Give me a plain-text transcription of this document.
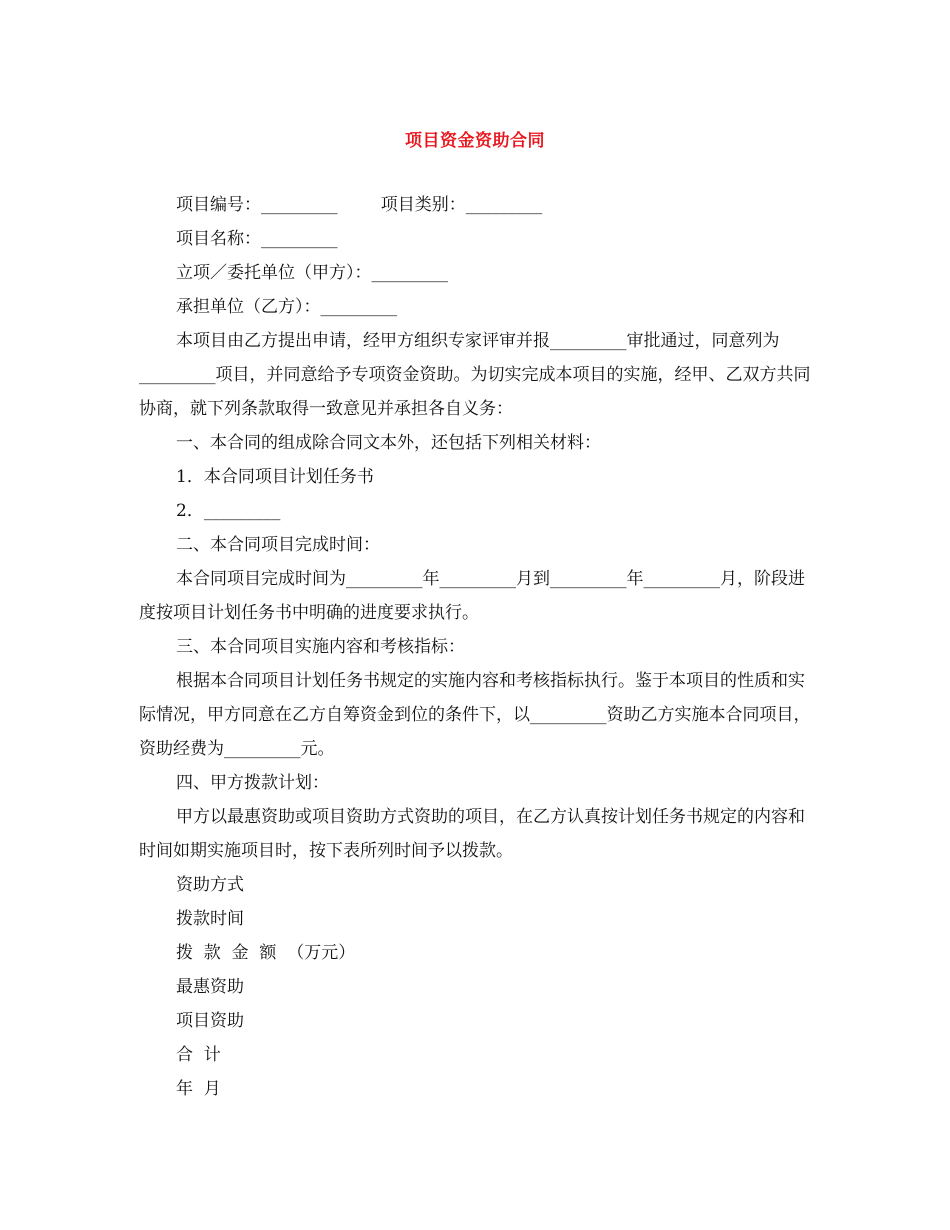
项目资金资助合同

项目编号：_________        项目类别：_________

项目名称：_________

立项／委托单位（甲方）：_________

承担单位（乙方）：_________

本项目由乙方提出申请，经甲方组织专家评审并报_________审批通过，同意列为_________项目，并同意给予专项资金资助。为切实完成本项目的实施，经甲、乙双方共同协商，就下列条款取得一致意见并承担各自义务：

一、本合同的组成除合同文本外，还包括下列相关材料：

1．本合同项目计划任务书

2．_________

二、本合同项目完成时间：

本合同项目完成时间为_________年_________月到_________年_________月，阶段进度按项目计划任务书中明确的进度要求执行。

三、本合同项目实施内容和考核指标：

根据本合同项目计划任务书规定的实施内容和考核指标执行。鉴于本项目的性质和实际情况，甲方同意在乙方自筹资金到位的条件下，以_________资助乙方实施本合同项目，资助经费为_________元。

四、甲方拨款计划：

甲方以最惠资助或项目资助方式资助的项目，在乙方认真按计划任务书规定的内容和时间如期实施项目时，按下表所列时间予以拨款。

资助方式

拨款时间

拨  款  金  额  （万元）

最惠资助

项目资助

合  计

年  月
